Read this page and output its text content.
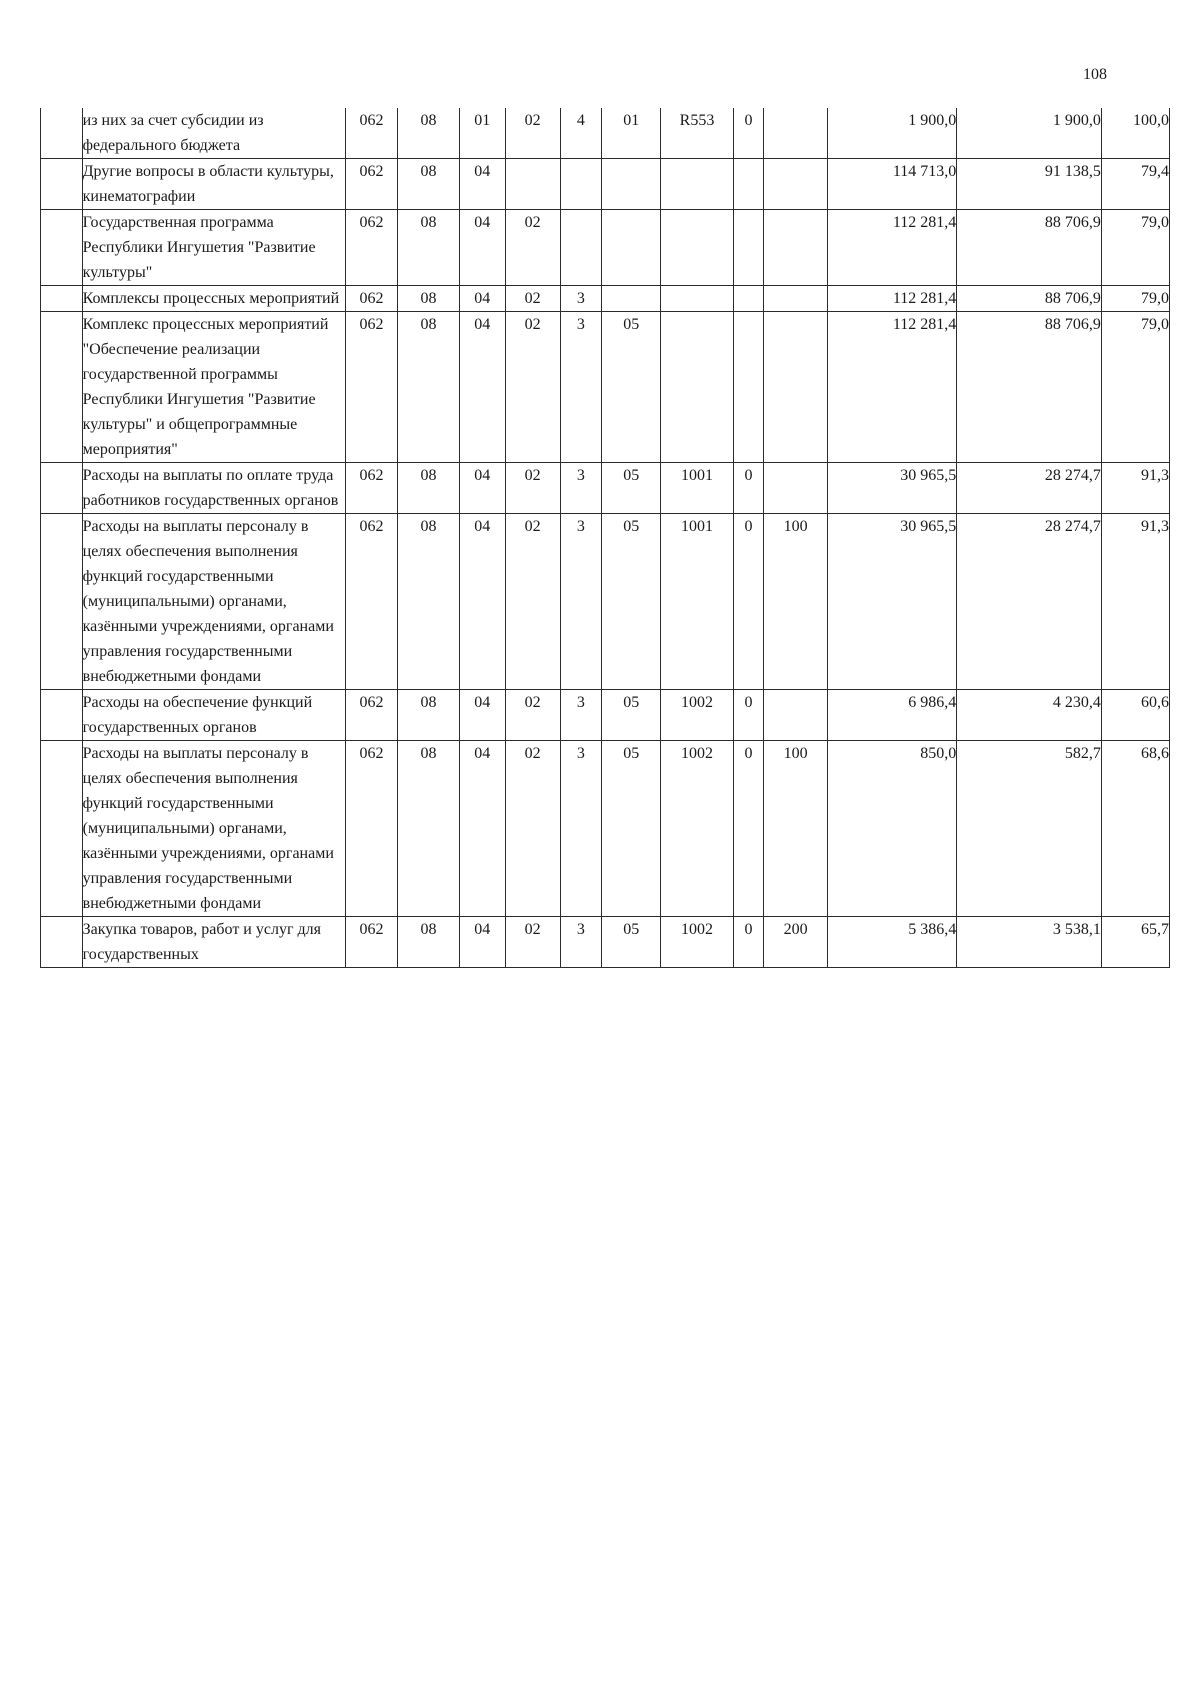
108
	из них за счет субсидии из федерального бюджета	062	08	01	02	4	01	R553	0		1 900,0	1 900,0	100,0
	Другие вопросы в области культуры, кинематографии	062	08	04							114 713,0	91 138,5	79,4
	Государственная программа Республики Ингушетия "Развитие культуры"	062	08	04	02						112 281,4	88 706,9	79,0
	Комплексы процессных мероприятий	062	08	04	02	3					112 281,4	88 706,9	79,0
	Комплекс процессных мероприятий "Обеспечение реализации государственной программы Республики Ингушетия "Развитие культуры" и общепрограммные мероприятия"	062	08	04	02	3	05				112 281,4	88 706,9	79,0
	Расходы на выплаты по оплате труда работников государственных органов	062	08	04	02	3	05	1001	0		30 965,5	28 274,7	91,3
	Расходы на выплаты персоналу в целях обеспечения выполнения функций государственными (муниципальными) органами, казёнными учреждениями, органами управления государственными внебюджетными фондами	062	08	04	02	3	05	1001	0	100	30 965,5	28 274,7	91,3
	Расходы на обеспечение функций государственных органов	062	08	04	02	3	05	1002	0		6 986,4	4 230,4	60,6
	Расходы на выплаты персоналу в целях обеспечения выполнения функций государственными (муниципальными) органами, казёнными учреждениями, органами управления государственными внебюджетными фондами	062	08	04	02	3	05	1002	0	100	850,0	582,7	68,6
	Закупка товаров, работ и услуг для государственных	062	08	04	02	3	05	1002	0	200	5 386,4	3 538,1	65,7
